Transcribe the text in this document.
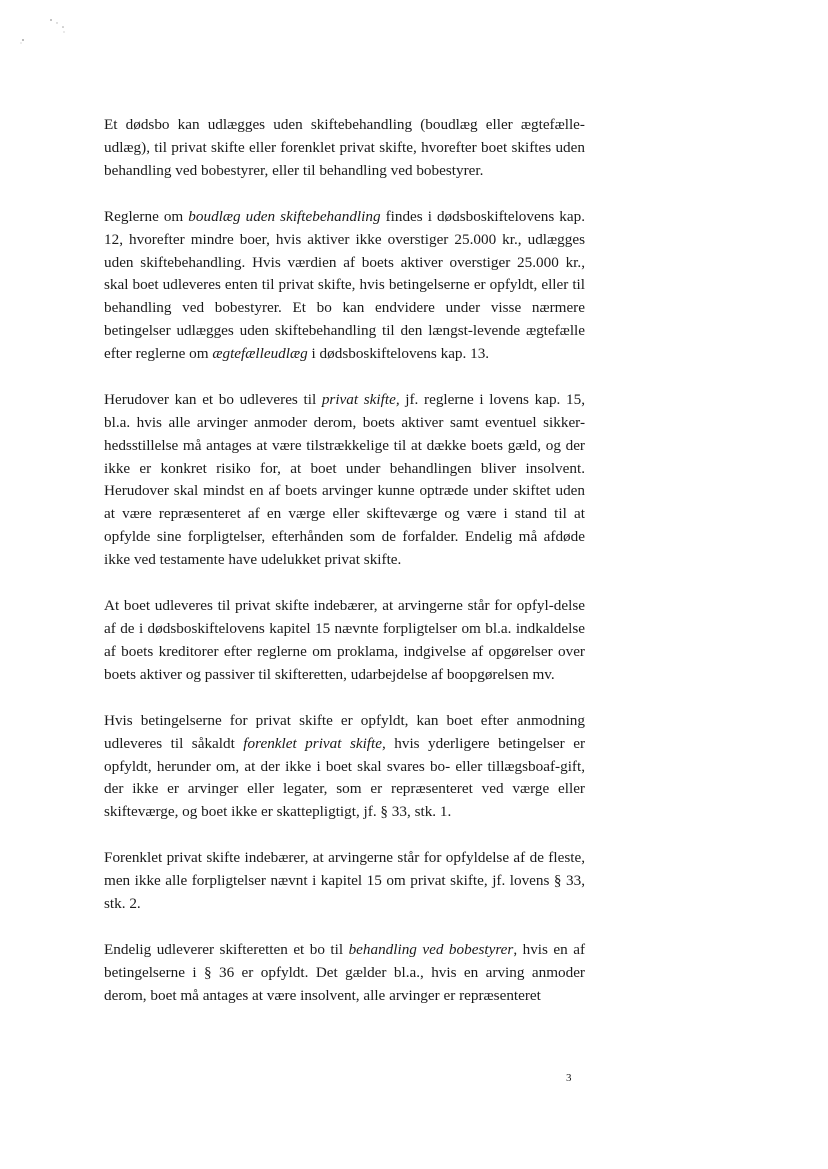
Et dødsbo kan udlægges uden skiftebehandling (boudlæg eller ægtefælle-udlæg), til privat skifte eller forenklet privat skifte, hvorefter boet skiftes uden behandling ved bobestyrer, eller til behandling ved bobestyrer.

Reglerne om boudlæg uden skiftebehandling findes i dødsboskiftelovens kap. 12, hvorefter mindre boer, hvis aktiver ikke overstiger 25.000 kr., udlægges uden skiftebehandling. Hvis værdien af boets aktiver overstiger 25.000 kr., skal boet udleveres enten til privat skifte, hvis betingelserne er opfyldt, eller til behandling ved bobestyrer. Et bo kan endvidere under visse nærmere betingelser udlægges uden skiftebehandling til den længst-levende ægtefælle efter reglerne om ægtefælleudlæg i dødsboskiftelovens kap. 13.

Herudover kan et bo udleveres til privat skifte, jf. reglerne i lovens kap. 15, bl.a. hvis alle arvinger anmoder derom, boets aktiver samt eventuel sikker-hedsstillelse må antages at være tilstrækkelige til at dække boets gæld, og der ikke er konkret risiko for, at boet under behandlingen bliver insolvent. Herudover skal mindst en af boets arvinger kunne optræde under skiftet uden at være repræsenteret af en værge eller skifteværge og være i stand til at opfylde sine forpligtelser, efterhånden som de forfalder. Endelig må afdøde ikke ved testamente have udelukket privat skifte.

At boet udleveres til privat skifte indebærer, at arvingerne står for opfyl-delse af de i dødsboskiftelovens kapitel 15 nævnte forpligtelser om bl.a. indkaldelse af boets kreditorer efter reglerne om proklama, indgivelse af opgørelser over boets aktiver og passiver til skifteretten, udarbejdelse af boopgørelsen mv.

Hvis betingelserne for privat skifte er opfyldt, kan boet efter anmodning udleveres til såkaldt forenklet privat skifte, hvis yderligere betingelser er opfyldt, herunder om, at der ikke i boet skal svares bo- eller tillægsboaf-gift, der ikke er arvinger eller legater, som er repræsenteret ved værge eller skifteværge, og boet ikke er skattepligtigt, jf. § 33, stk. 1.

Forenklet privat skifte indebærer, at arvingerne står for opfyldelse af de fleste, men ikke alle forpligtelser nævnt i kapitel 15 om privat skifte, jf. lovens § 33, stk. 2.

Endelig udleverer skifteretten et bo til behandling ved bobestyrer, hvis en af betingelserne i § 36 er opfyldt. Det gælder bl.a., hvis en arving anmoder derom, boet må antages at være insolvent, alle arvinger er repræsenteret

3
